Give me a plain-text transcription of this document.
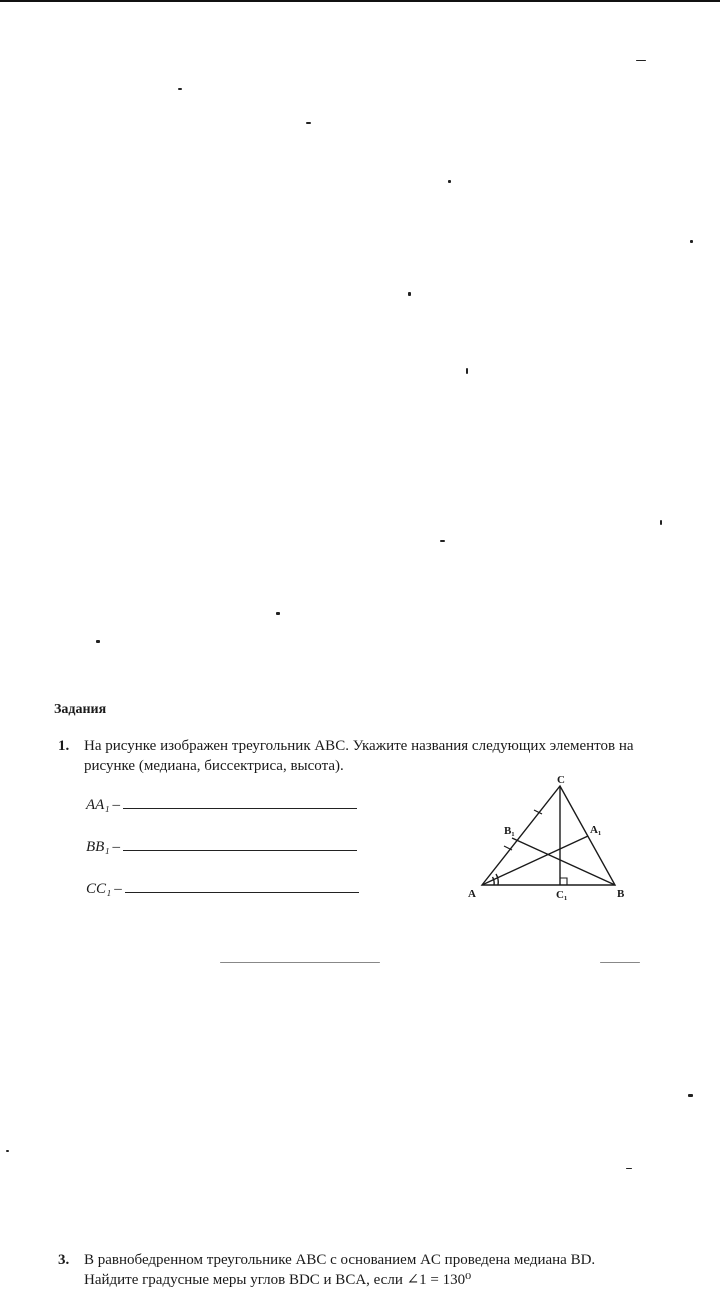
Задания
1. На рисунке изображен треугольник ABC. Укажите названия следующих элементов на
рисунке (медиана, биссектриса, высота).
AA₁ –
BB₁ –
CC₁ –
C
A	B
A₁
B₁
C₁
3. В равнобедренном треугольнике ABC с основанием AC проведена медиана BD.
Найдите градусные меры углов BDC и BCA, если ∠1 = 130⁰
